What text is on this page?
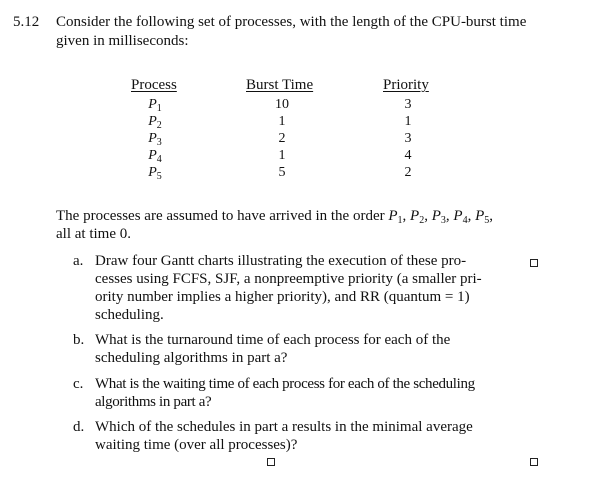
5.12 Consider the following set of processes, with the length of the CPU-burst time
given in milliseconds:
Process	Burst Time	Priority
$P_1$
$P_2$
$P_3$
$P_4$
$P_5$
10
1
2
1
5
3
1
3
4
2
The processes are assumed to have arrived in the order $P_1$, $P_2$, $P_3$, $P_4$, $P_5$,
all at time 0.
a. Draw four Gantt charts illustrating the execution of these pro-
cesses using FCFS, SJF, a nonpreemptive priority (a smaller pri-
ority number implies a higher priority), and RR (quantum = 1)
scheduling.
b. What is the turnaround time of each process for each of the
scheduling algorithms in part a?
c. What is the waiting time of each process for each of the scheduling
algorithms in part a?
d. Which of the schedules in part a results in the minimal average
waiting time (over all processes)?
